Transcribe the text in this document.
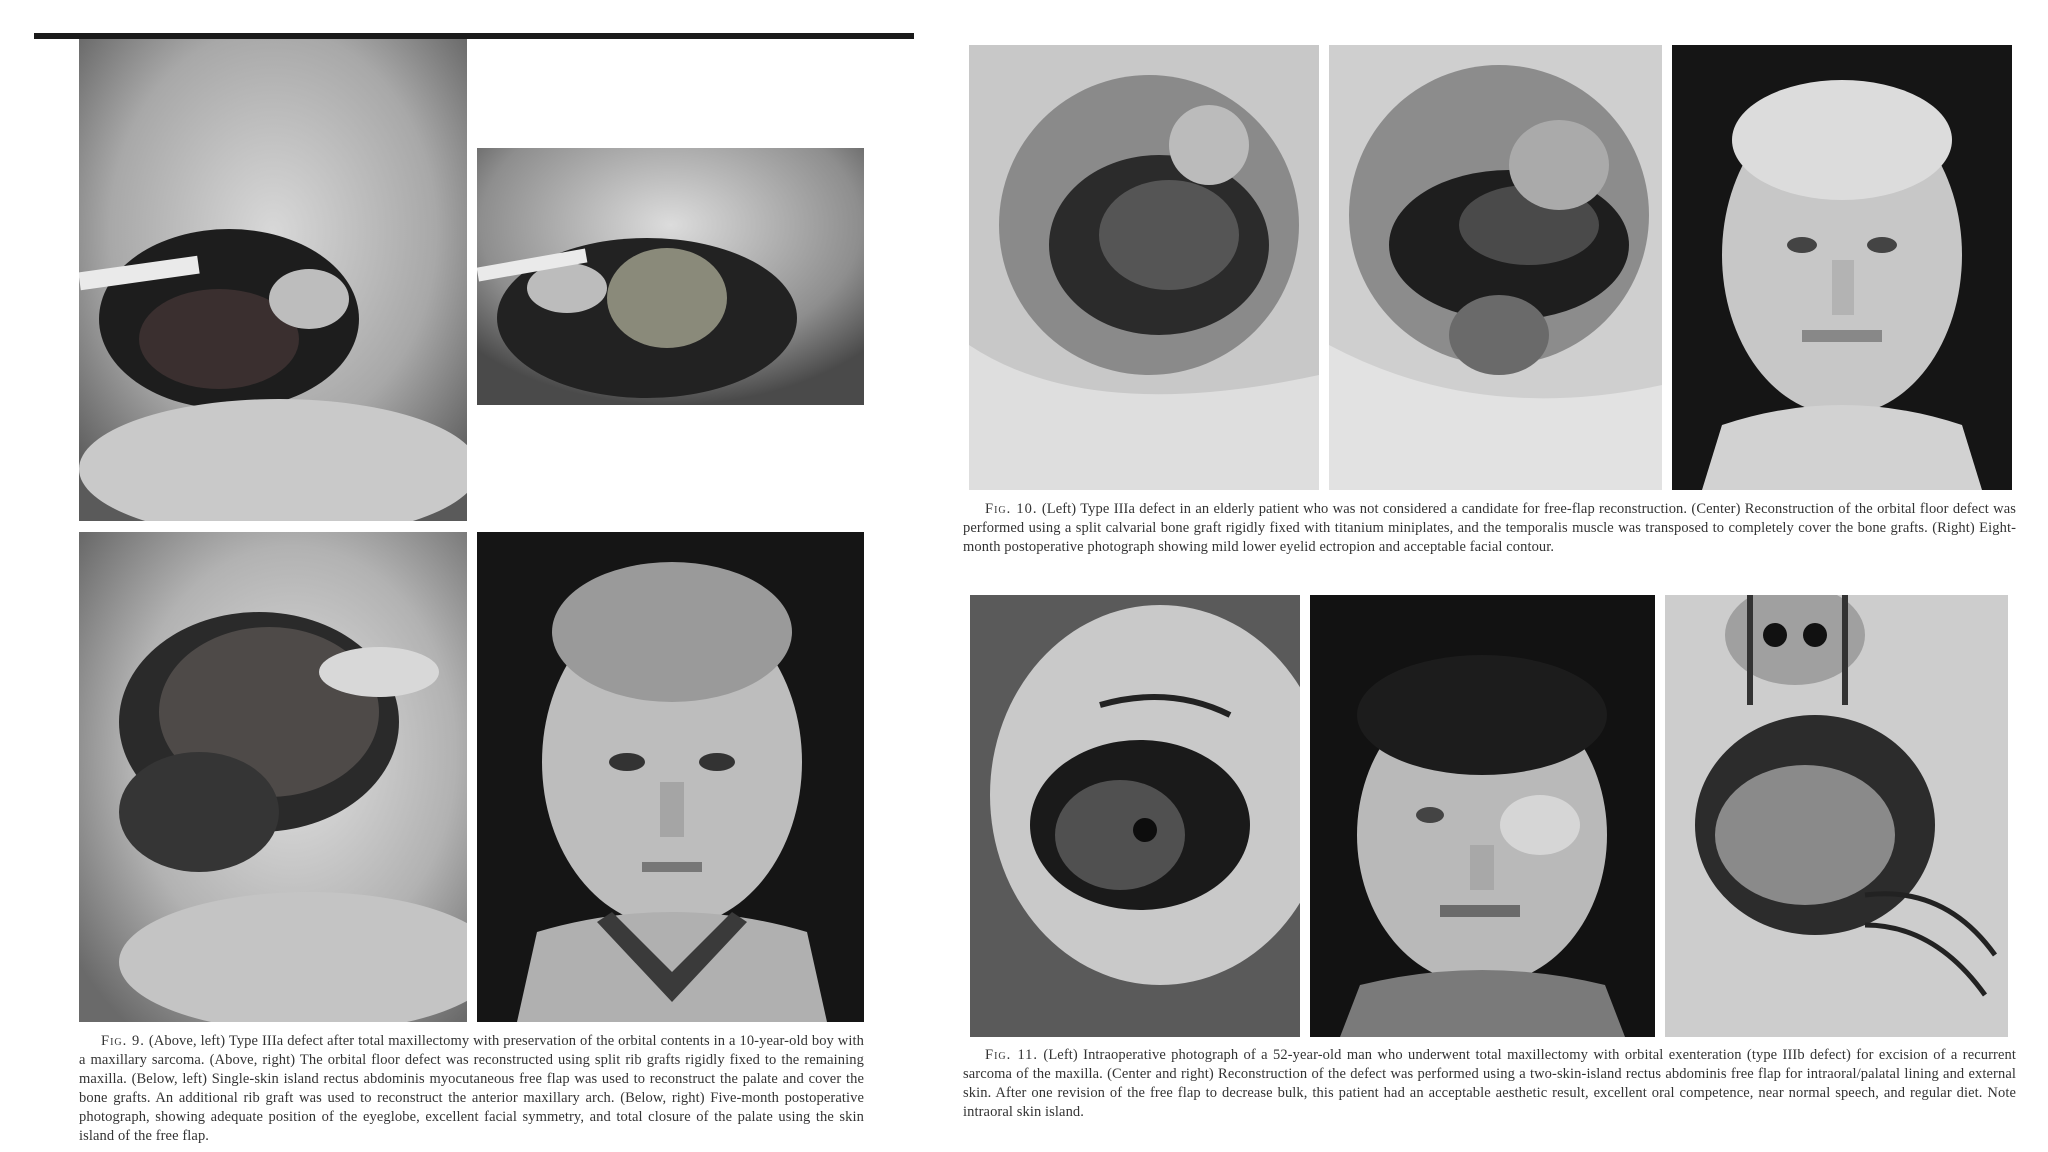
Fig. 9. (Above, left) Type IIIa defect after total maxillectomy with preservation of the orbital contents in a 10-year-old boy with a maxillary sarcoma. (Above, right) The orbital floor defect was reconstructed using split rib grafts rigidly fixed to the remaining maxilla. (Below, left) Single-skin island rectus abdominis myocutaneous free flap was used to reconstruct the palate and cover the bone grafts. An additional rib graft was used to reconstruct the anterior maxillary arch. (Below, right) Five-month postoperative photograph, showing adequate position of the eyeglobe, excellent facial symmetry, and total closure of the palate using the skin island of the free flap.
Fig. 10. (Left) Type IIIa defect in an elderly patient who was not considered a candidate for free-flap reconstruction. (Center) Reconstruction of the orbital floor defect was performed using a split calvarial bone graft rigidly fixed with titanium miniplates, and the temporalis muscle was transposed to completely cover the bone grafts. (Right) Eight-month postoperative photograph showing mild lower eyelid ectropion and acceptable facial contour.
Fig. 11. (Left) Intraoperative photograph of a 52-year-old man who underwent total maxillectomy with orbital exenteration (type IIIb defect) for excision of a recurrent sarcoma of the maxilla. (Center and right) Reconstruction of the defect was performed using a two-skin-island rectus abdominis free flap for intraoral/palatal lining and external skin. After one revision of the free flap to decrease bulk, this patient had an acceptable aesthetic result, excellent oral competence, near normal speech, and regular diet. Note intraoral skin island.
